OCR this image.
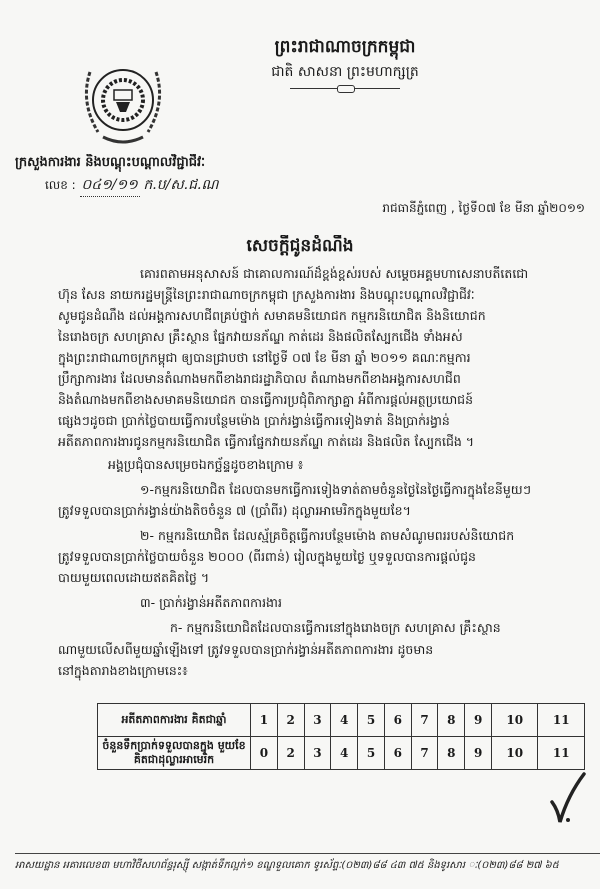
ព្រះរាជាណាចក្រកម្ពុជា
ជាតិ សាសនា ព្រះមហាក្សត្រ
ក្រសួងការងារ និងបណ្តុះបណ្តាលវិជ្ជាជីវៈ
លេខ : ០៤១/១១ ក.ប/ស.ជ.ណ
រាជធានីភ្នំពេញ , ថ្ងៃទី០៧ ខែ មីនា ឆ្នាំ២០១១
សេចក្តីជូនដំណឹង
គោរពតាមអនុសាសន៍ ជាគោលការណ៍ដ៏ខ្ពង់ខ្ពស់របស់ សម្តេចអគ្គមហាសេនាបតីតេជោ
ហ៊ុន សែន នាយករដ្ឋមន្ត្រីនៃព្រះរាជាណាចក្រកម្ពុជា ក្រសួងការងារ និងបណ្តុះបណ្តាលវិជ្ជាជីវៈ
សូមជូនដំណឹង ដល់អង្គការសហជីពគ្រប់ថ្នាក់ សមាគមនិយោជក កម្មករនិយោជិត និងនិយោជក
នៃរោងចក្រ សហគ្រាស គ្រឹះស្ថាន ផ្នែកវាយនភ័ណ្ឌ កាត់ដេរ និងផលិតស្បែកជើង ទាំងអស់
ក្នុងព្រះរាជាណាចក្រកម្ពុជា ឲ្យបានជ្រាបថា នៅថ្ងៃទី ០៧ ខែ មីនា ឆ្នាំ ២០១១ គណៈកម្មការ
ប្រឹក្សាការងារ ដែលមានតំណាងមកពីខាងរាជរដ្ឋាភិបាល តំណាងមកពីខាងអង្គការសហជីព
និងតំណាងមកពីខាងសមាគមនិយោជក បានធ្វើការប្រជុំពិភាក្សាគ្នា អំពីការផ្តល់អត្ថប្រយោជន៍
ផ្សេងៗដូចជា ប្រាក់ថ្លៃបាយធ្វើការបន្ថែមម៉ោង ប្រាក់រង្វាន់ធ្វើការទៀងទាត់ និងប្រាក់រង្វាន់
អតីតភាពការងារជូនកម្មករនិយោជិត ធ្វើការផ្នែកវាយនភ័ណ្ឌ កាត់ដេរ និងផលិត ស្បែកជើង ។
អង្គប្រជុំបានសម្រេចឯកច្ឆ័ន្ទដូចខាងក្រោម ៖
១-កម្មករនិយោជិត ដែលបានមកធ្វើការទៀងទាត់តាមចំនួនថ្ងៃនៃថ្ងៃធ្វើការក្នុងខែនីមួយៗ
ត្រូវទទួលបានប្រាក់រង្វាន់យ៉ាងតិចចំនួន ៧ (ប្រាំពីរ) ដុល្លារអាមេរិកក្នុងមួយខែ។
២- កម្មករនិយោជិត ដែលស្ម័គ្រចិត្តធ្វើការបន្ថែមម៉ោង តាមសំណូមពររបស់និយោជក
ត្រូវទទួលបានប្រាក់ថ្លៃបាយចំនួន ២០០០ (ពីរពាន់) រៀលក្នុងមួយថ្ងៃ ឬទទួលបានការផ្តល់ជូន
បាយមួយពេលដោយឥតគិតថ្លៃ ។
៣- ប្រាក់រង្វាន់អតីតភាពការងារ
ក- កម្មករនិយោជិតដែលបានធ្វើការនៅក្នុងរោងចក្រ សហគ្រាស គ្រឹះស្ថាន
ណាមួយលើសពីមួយឆ្នាំឡើងទៅ ត្រូវទទួលបានប្រាក់រង្វាន់អតីតភាពការងារ ដូចមាន
នៅក្នុងតារាងខាងក្រោមនេះ៖
អតីតភាពការងារ គិតជាឆ្នាំ	1	2	3	4	5	6	7	8	9	10	11
ចំនួនទឹកប្រាក់ទទួលបានក្នុង មួយខែគិតជាដុល្លារអាមេរិក	0	2	3	4	5	6	7	8	9	10	11
អាសយដ្ឋាន អគារលេខ៣ មហាវិថីសហព័ន្ធរុស្ស៊ី សង្កាត់ទឹកល្អក់១ ខណ្ឌទួលគោក ទូរស័ព្ទៈ(០២៣)៨៨ ៤៣ ៧៥ និងទូរសារ ៈ(០២៣)៨៨ ២៧ ៦៥
